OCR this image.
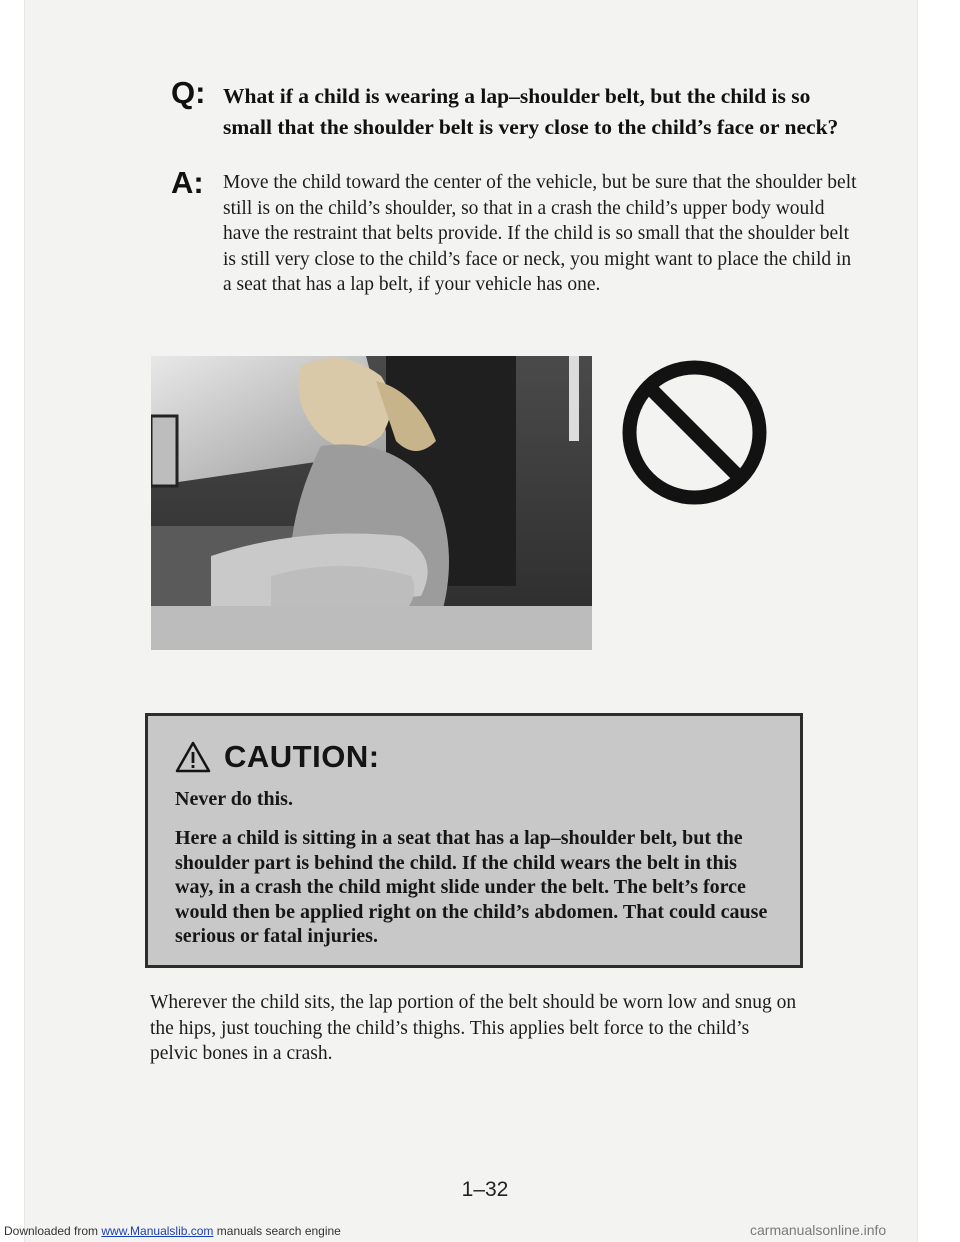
Q: What if a child is wearing a lap–shoulder belt, but the child is so small that the shoulder belt is very close to the child’s face or neck?
A: Move the child toward the center of the vehicle, but be sure that the shoulder belt still is on the child’s shoulder, so that in a crash the child’s upper body would have the restraint that belts provide. If the child is so small that the shoulder belt is still very close to the child’s face or neck, you might want to place the child in a seat that has a lap belt, if your vehicle has one.
CAUTION:
Never do this.
Here a child is sitting in a seat that has a lap–shoulder belt, but the shoulder part is behind the child. If the child wears the belt in this way, in a crash the child might slide under the belt. The belt’s force would then be applied right on the child’s abdomen. That could cause serious or fatal injuries.
Wherever the child sits, the lap portion of the belt should be worn low and snug on the hips, just touching the child’s thighs. This applies belt force to the child’s pelvic bones in a crash.
1–32
Downloaded from www.Manualslib.com manuals search engine	carmanualsonline.info
